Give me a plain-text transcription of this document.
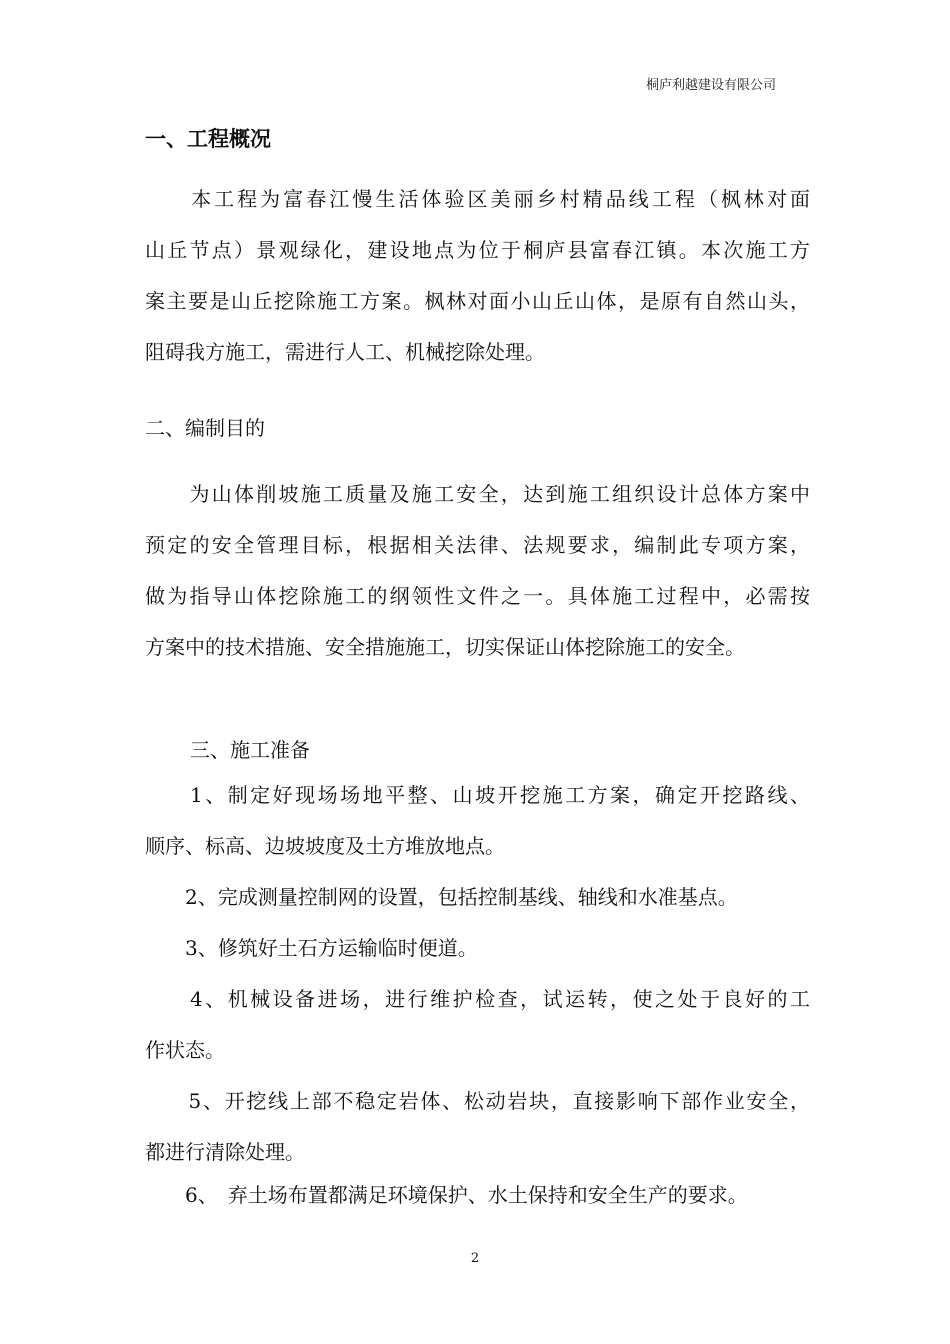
桐庐利越建设有限公司
一、工程概况
　　本工程为富春江慢生活体验区美丽乡村精品线工程（枫林对面
山丘节点）景观绿化，建设地点为位于桐庐县富春江镇。本次施工方
案主要是山丘挖除施工方案。枫林对面小山丘山体，是原有自然山头，
阻碍我方施工，需进行人工、机械挖除处理。
二、编制目的
　　为山体削坡施工质量及施工安全，达到施工组织设计总体方案中
预定的安全管理目标，根据相关法律、法规要求，编制此专项方案，
做为指导山体挖除施工的纲领性文件之一。具体施工过程中，必需按
方案中的技术措施、安全措施施工，切实保证山体挖除施工的安全。
三、施工准备
　　1、制定好现场场地平整、山坡开挖施工方案，确定开挖路线、
顺序、标高、边坡坡度及土方堆放地点。
　　2、完成测量控制网的设置，包括控制基线、轴线和水准基点。
　　3、修筑好土石方运输临时便道。
　　4、机械设备进场，进行维护检查，试运转，使之处于良好的工
作状态。
　　5、开挖线上部不稳定岩体、松动岩块，直接影响下部作业安全，
都进行清除处理。
　　6、　弃土场布置都满足环境保护、水土保持和安全生产的要求。
2
